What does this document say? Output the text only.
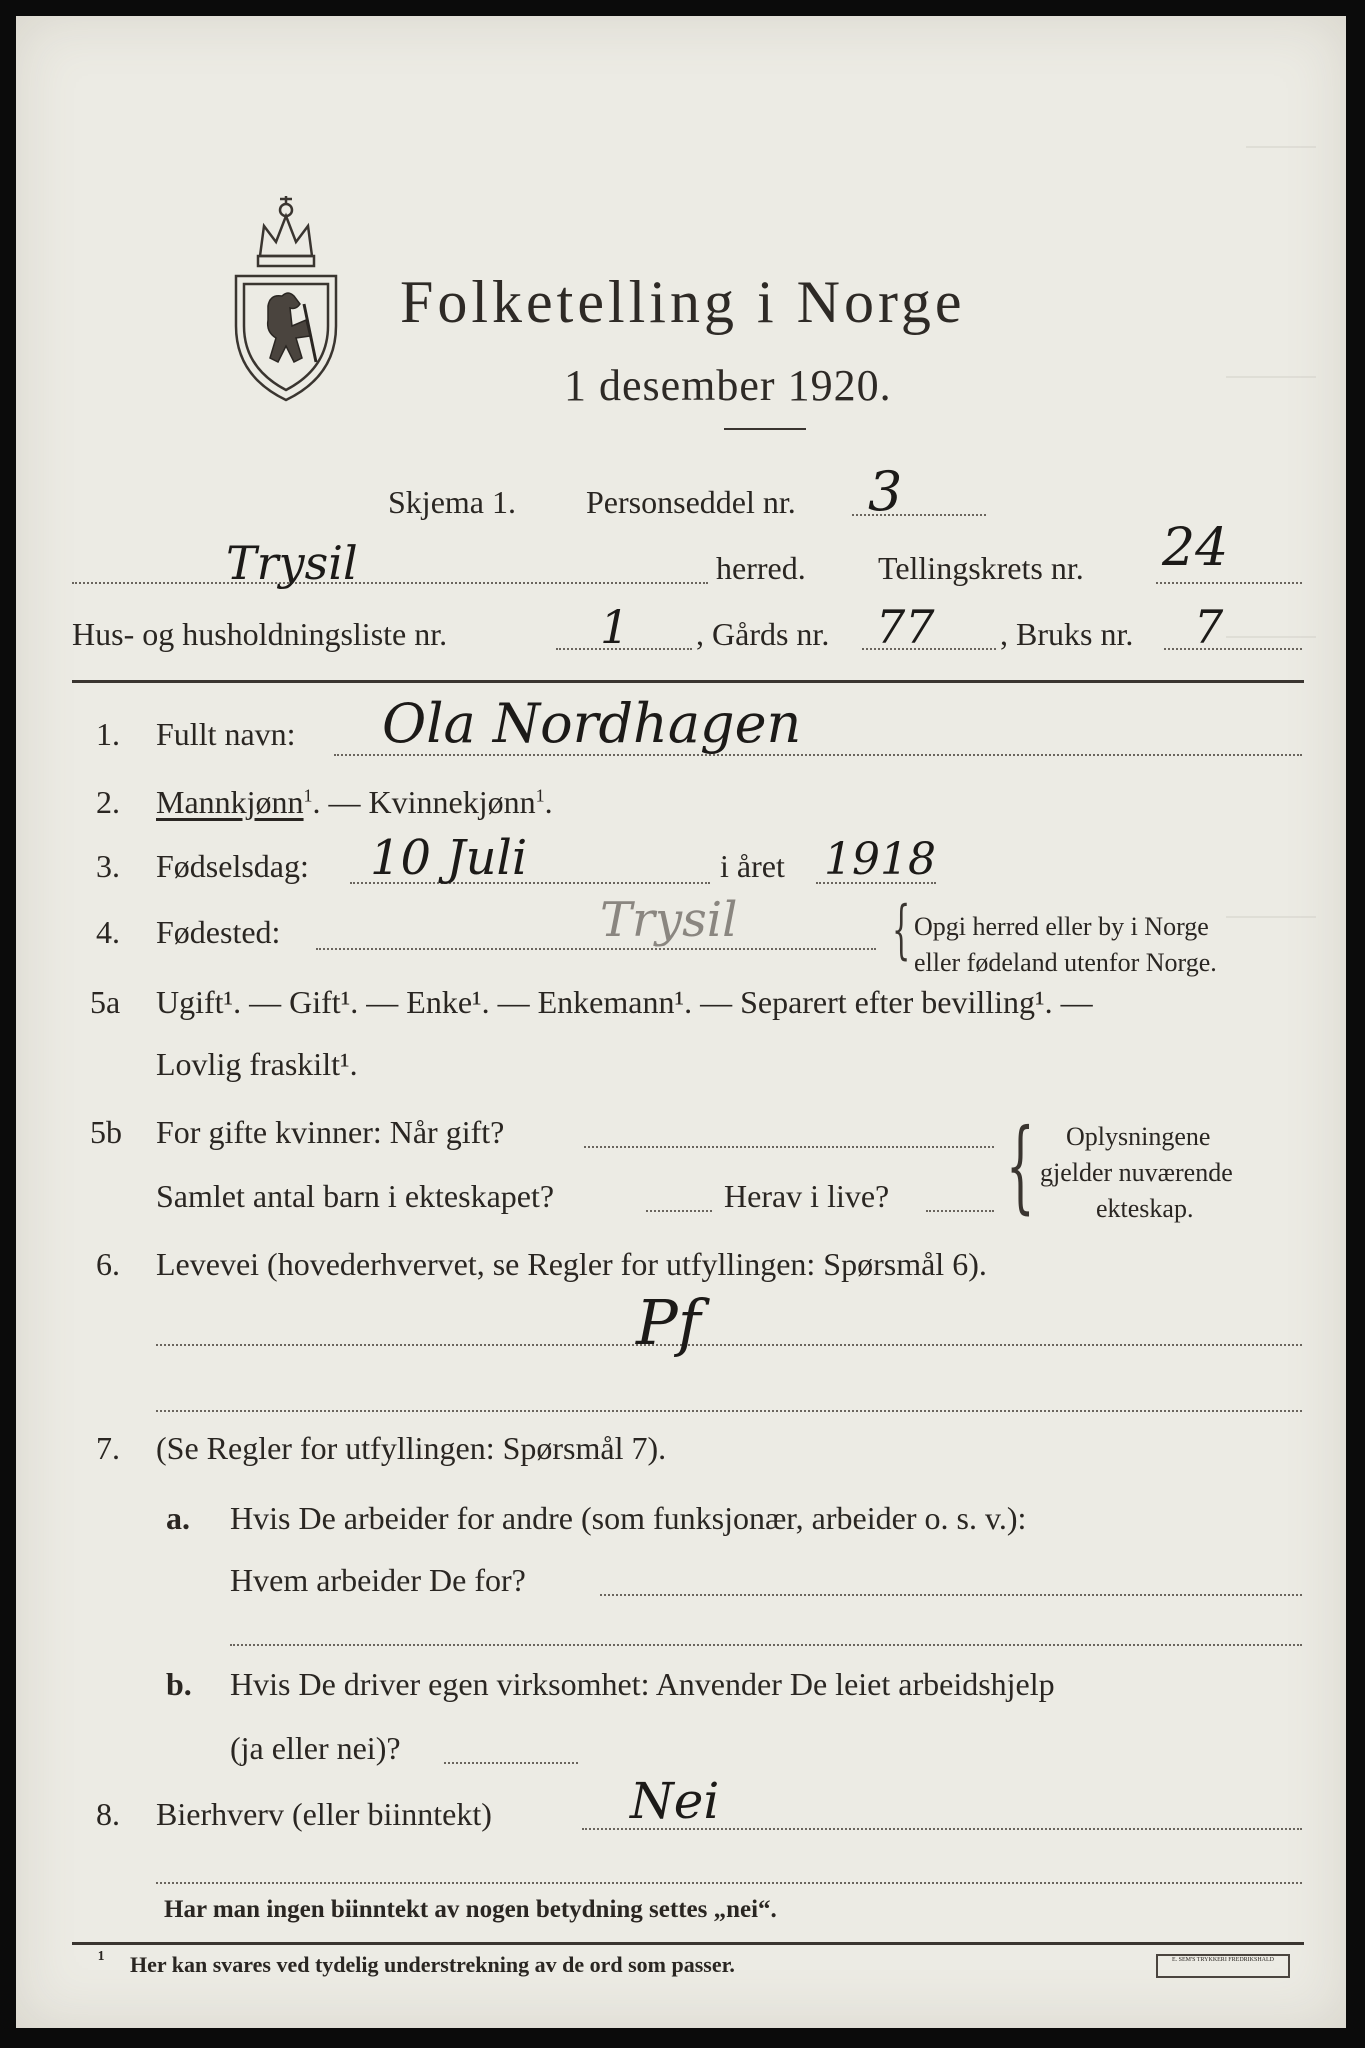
Folketelling i Norge
1 desember 1920.
Skjema 1. Personseddel nr. 3
Trysil	herred. Tellingskrets nr. 24
Hus- og husholdningsliste nr.	1 , Gårds nr. 77 , Bruks nr. 7
1. Fullt navn: Ola Nordhagen
2. Mannkjønn$^1$. — Kvinnekjønn$^1$.
3. Fødselsdag: 10 Juli	i året 1918
4. Fødested:	Trysil { Opgi herred eller by i Norge
eller fødeland utenfor Norge.
5a Ugift¹. — Gift¹. — Enke¹. — Enkemann¹. — Separert efter bevilling¹. —
Lovlig fraskilt¹.
5b For gifte kvinner: Når gift?
Samlet antal barn i ekteskapet?	Herav i live? { Oplysningene
gjelder nuværende
ekteskap.
6. Levevei (hovederhvervet, se Regler for utfyllingen: Spørsmål 6).
Pf
7. (Se Regler for utfyllingen: Spørsmål 7).
a. Hvis De arbeider for andre (som funksjonær, arbeider o. s. v.):
Hvem arbeider De for?
b. Hvis De driver egen virksomhet: Anvender De leiet arbeidshjelp
(ja eller nei)?
8. Bierhverv (eller biinntekt)	Nei
Har man ingen biinntekt av nogen betydning settes „nei“.
¹ Her kan svares ved tydelig understrekning av de ord som passer.	E. SEM'S TRYKKERI FREDRIKSHALD
